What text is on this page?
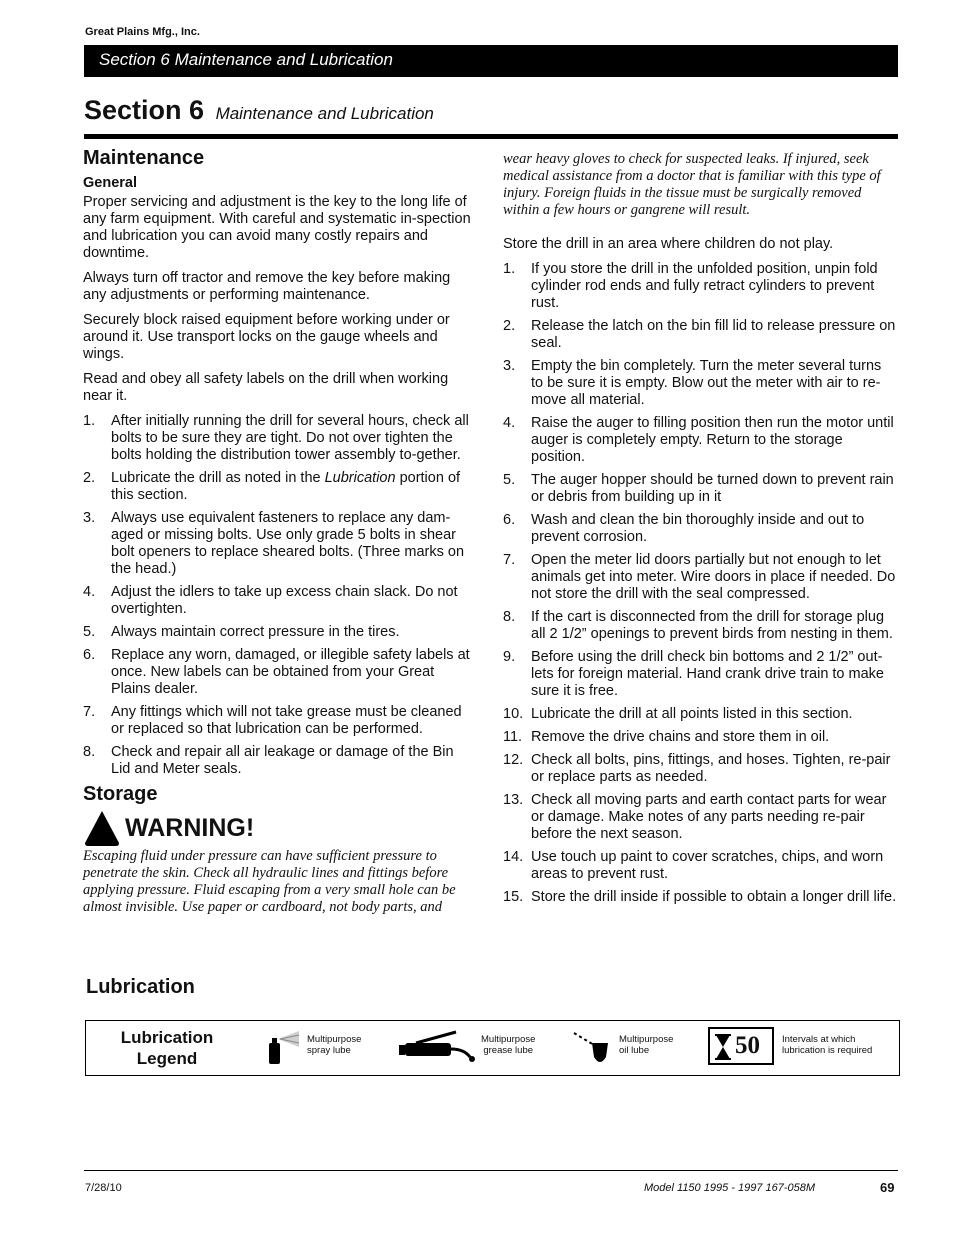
Great Plains Mfg., Inc.
Section 6 Maintenance and Lubrication
Section 6 Maintenance and Lubrication
Maintenance
General

Proper servicing and adjustment is the key to the long life of any farm equipment. With careful and systematic in-spection and lubrication you can avoid many costly repairs and downtime.

Always turn off tractor and remove the key before making any adjustments or performing maintenance.

Securely block raised equipment before working under or around it. Use transport locks on the gauge wheels and wings.

Read and obey all safety labels on the drill when working near it.

1. After initially running the drill for several hours, check all bolts to be sure they are tight. Do not over tighten the bolts holding the distribution tower assembly to-gether.
2. Lubricate the drill as noted in the Lubrication portion of this section.
3. Always use equivalent fasteners to replace any dam-aged or missing bolts. Use only grade 5 bolts in shear bolt openers to replace sheared bolts. (Three marks on the head.)
4. Adjust the idlers to take up excess chain slack. Do not overtighten.
5. Always maintain correct pressure in the tires.
6. Replace any worn, damaged, or illegible safety labels at once. New labels can be obtained from your Great Plains dealer.
7. Any fittings which will not take grease must be cleaned or replaced so that lubrication can be performed.
8. Check and repair all air leakage or damage of the Bin Lid and Meter seals.
Storage
WARNING!
Escaping fluid under pressure can have sufficient pressure to penetrate the skin. Check all hydraulic lines and fittings before applying pressure. Fluid escaping from a very small hole can be almost invisible. Use paper or cardboard, not body parts, and
wear heavy gloves to check for suspected leaks. If injured, seek medical assistance from a doctor that is familiar with this type of injury. Foreign fluids in the tissue must be surgically removed within a few hours or gangrene will result.

Store the drill in an area where children do not play.

1. If you store the drill in the unfolded position, unpin fold cylinder rod ends and fully retract cylinders to prevent rust.
2. Release the latch on the bin fill lid to release pressure on seal.
3. Empty the bin completely. Turn the meter several turns to be sure it is empty. Blow out the meter with air to re-move all material.
4. Raise the auger to filling position then run the motor until auger is completely empty. Return to the storage position.
5. The auger hopper should be turned down to prevent rain or debris from building up in it
6. Wash and clean the bin thoroughly inside and out to prevent corrosion.
7. Open the meter lid doors partially but not enough to let animals get into meter. Wire doors in place if needed. Do not store the drill with the seal compressed.
8. If the cart is disconnected from the drill for storage plug all 2 1/2” openings to prevent birds from nesting in them.
9. Before using the drill check bin bottoms and 2 1/2” out-lets for foreign material. Hand crank drive train to make sure it is free.
10. Lubricate the drill at all points listed in this section.
11. Remove the drive chains and store them in oil.
12. Check all bolts, pins, fittings, and hoses. Tighten, re-pair or replace parts as needed.
13. Check all moving parts and earth contact parts for wear or damage. Make notes of any parts needing re-pair before the next season.
14. Use touch up paint to cover scratches, chips, and worn areas to prevent rust.
15. Store the drill inside if possible to obtain a longer drill life.
Lubrication
Lubrication
Legend
Multipurpose
spray lube
Multipurpose
grease lube
Multipurpose
oil lube	50 Intervals at which
lubrication is required
7/28/10	Model 1150 1995 - 1997 167-058M	69
